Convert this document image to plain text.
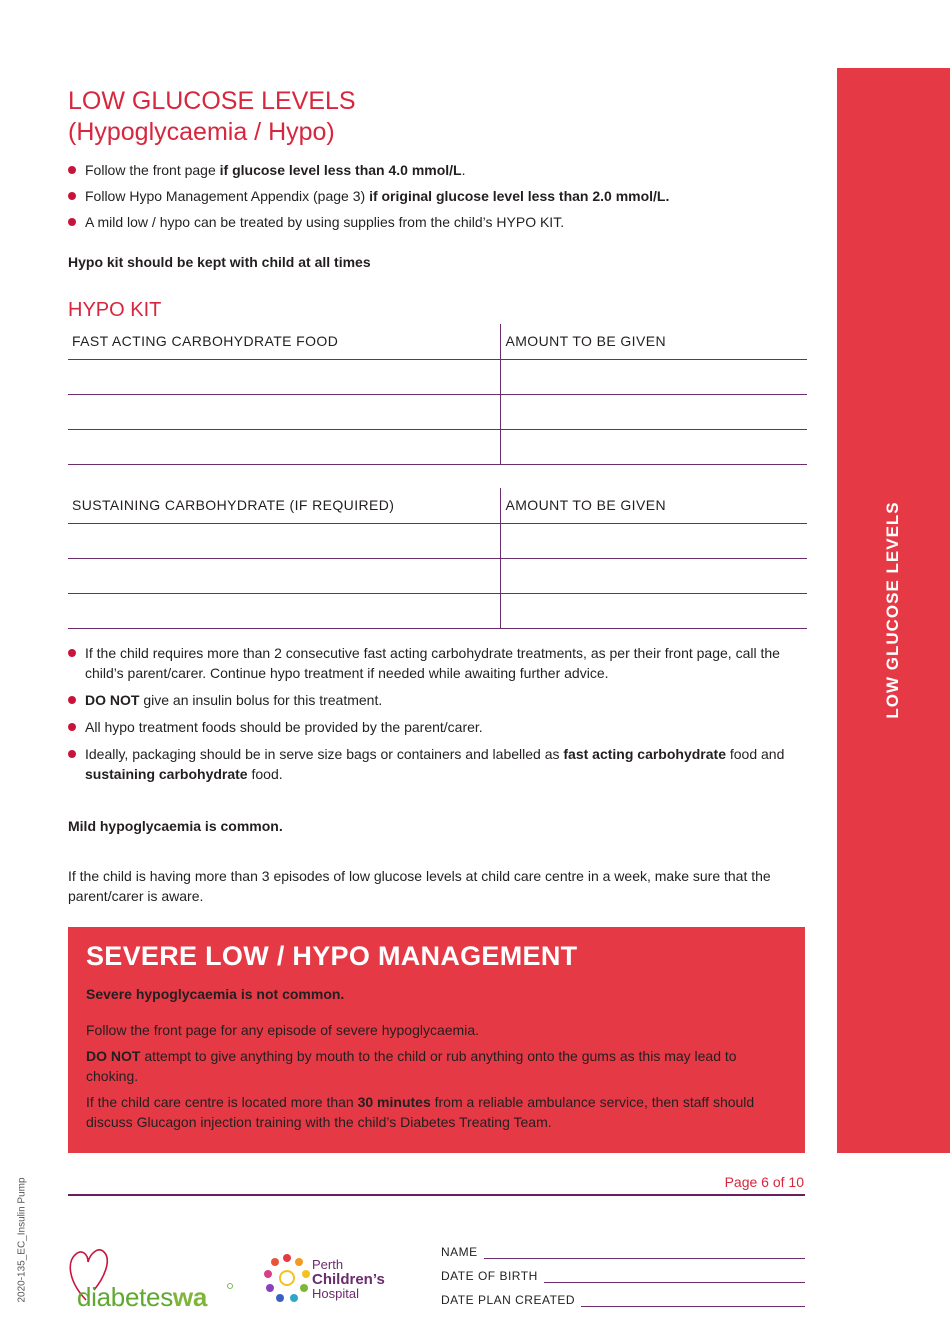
LOW GLUCOSE LEVELS
LOW GLUCOSE LEVELS
(Hypoglycaemia / Hypo)
Follow the front page if glucose level less than 4.0 mmol/L.
Follow Hypo Management Appendix (page 3) if original glucose level less than 2.0 mmol/L.
A mild low / hypo can be treated by using supplies from the child’s HYPO KIT.
Hypo kit should be kept with child at all times
HYPO KIT
FAST ACTING CARBOHYDRATE FOOD	AMOUNT TO BE GIVEN

SUSTAINING CARBOHYDRATE (IF REQUIRED)	AMOUNT TO BE GIVEN

If the child requires more than 2 consecutive fast acting carbohydrate treatments, as per their front page, call the child’s parent/carer. Continue hypo treatment if needed while awaiting further advice.
DO NOT give an insulin bolus for this treatment.
All hypo treatment foods should be provided by the parent/carer.
Ideally, packaging should be in serve size bags or containers and labelled as fast acting carbohydrate food and sustaining carbohydrate food.
Mild hypoglycaemia is common.
If the child is having more than 3 episodes of low glucose levels at child care centre in a week, make sure that the parent/carer is aware.
SEVERE LOW / HYPO MANAGEMENT
Severe hypoglycaemia is not common.

Follow the front page for any episode of severe hypoglycaemia.

DO NOT attempt to give anything by mouth to the child or rub anything onto the gums as this may lead to choking.

If the child care centre is located more than 30 minutes from a reliable ambulance service, then staff should discuss Glucagon injection training with the child’s Diabetes Treating Team.

Page 6 of 10
2020-135_EC_Insulin Pump diabeteswa
Perth
Children’s
Hospital
NAME
DATE OF BIRTH
DATE PLAN CREATED
